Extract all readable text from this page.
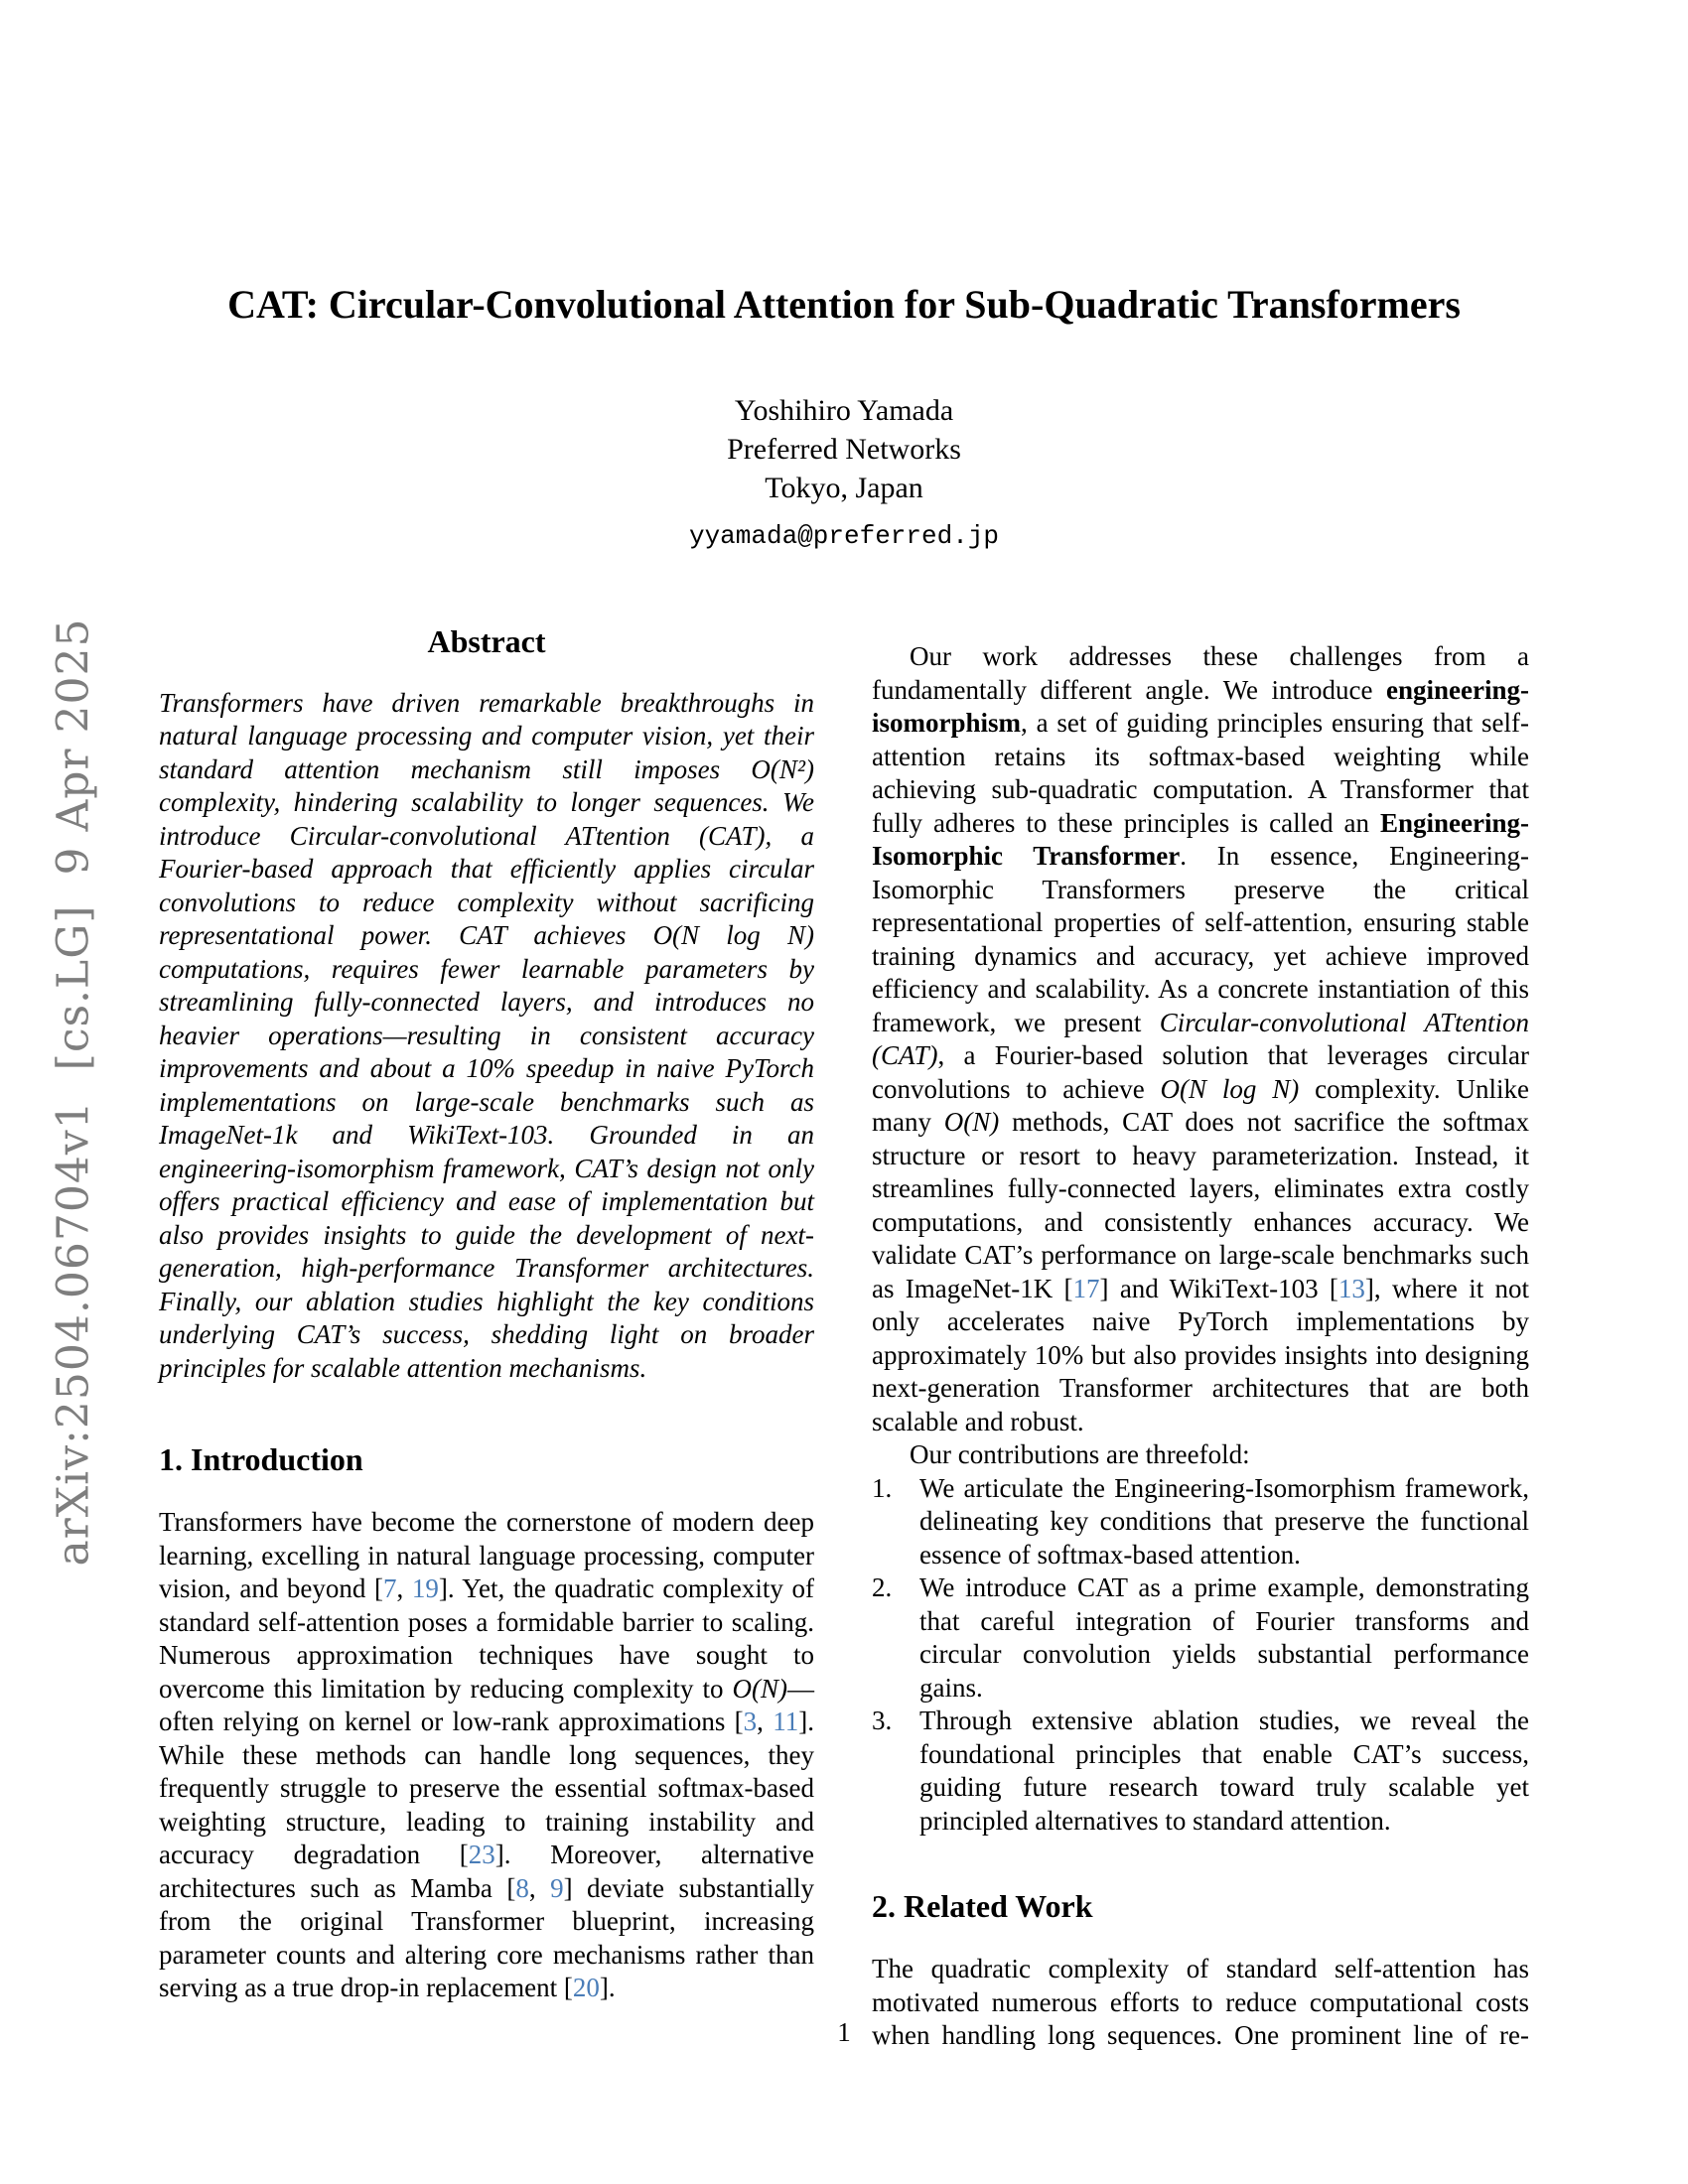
arXiv:2504.06704v1  [cs.LG]  9 Apr 2025
CAT: Circular-Convolutional Attention for Sub-Quadratic Transformers

Yoshihiro Yamada

Preferred Networks

Tokyo, Japan

yyamada@preferred.jp

Abstract

Transformers have driven remarkable breakthroughs in natural language processing and computer vision, yet their standard attention mechanism still imposes O(N²) complexity, hindering scalability to longer sequences. We introduce Circular-convolutional ATtention (CAT), a Fourier-based approach that efficiently applies circular convolutions to reduce complexity without sacrificing representational power. CAT achieves O(N log N) computations, requires fewer learnable parameters by streamlining fully-connected layers, and introduces no heavier operations—resulting in consistent accuracy improvements and about a 10% speedup in naive PyTorch implementations on large-scale benchmarks such as ImageNet-1k and WikiText-103. Grounded in an engineering-isomorphism framework, CAT’s design not only offers practical efficiency and ease of implementation but also provides insights to guide the development of next-generation, high-performance Transformer architectures. Finally, our ablation studies highlight the key conditions underlying CAT’s success, shedding light on broader principles for scalable attention mechanisms.

1. Introduction

Transformers have become the cornerstone of modern deep learning, excelling in natural language processing, computer vision, and beyond [7, 19]. Yet, the quadratic complexity of standard self-attention poses a formidable barrier to scaling. Numerous approximation techniques have sought to overcome this limitation by reducing complexity to O(N)—often relying on kernel or low-rank approximations [3, 11]. While these methods can handle long sequences, they frequently struggle to preserve the essential softmax-based weighting structure, leading to training instability and accuracy degradation [23]. Moreover, alternative architectures such as Mamba [8, 9] deviate substantially from the original Transformer blueprint, increasing parameter counts and altering core mechanisms rather than serving as a true drop-in replacement [20].

Our work addresses these challenges from a fundamentally different angle. We introduce engineering-isomorphism, a set of guiding principles ensuring that self-attention retains its softmax-based weighting while achieving sub-quadratic computation. A Transformer that fully adheres to these principles is called an Engineering-Isomorphic Transformer. In essence, Engineering-Isomorphic Transformers preserve the critical representational properties of self-attention, ensuring stable training dynamics and accuracy, yet achieve improved efficiency and scalability. As a concrete instantiation of this framework, we present Circular-convolutional ATtention (CAT), a Fourier-based solution that leverages circular convolutions to achieve O(N log N) complexity. Unlike many O(N) methods, CAT does not sacrifice the softmax structure or resort to heavy parameterization. Instead, it streamlines fully-connected layers, eliminates extra costly computations, and consistently enhances accuracy. We validate CAT’s performance on large-scale benchmarks such as ImageNet-1K [17] and WikiText-103 [13], where it not only accelerates naive PyTorch implementations by approximately 10% but also provides insights into designing next-generation Transformer architectures that are both scalable and robust.

Our contributions are threefold:

1.	We articulate the Engineering-Isomorphism framework, delineating key conditions that preserve the functional essence of softmax-based attention.
2.	We introduce CAT as a prime example, demonstrating that careful integration of Fourier transforms and circular convolution yields substantial performance gains.
3.	Through extensive ablation studies, we reveal the foundational principles that enable CAT’s success, guiding future research toward truly scalable yet principled alternatives to standard attention.
2. Related Work

The quadratic complexity of standard self-attention has motivated numerous efforts to reduce computational costs when handling long sequences. One prominent line of re-

1
